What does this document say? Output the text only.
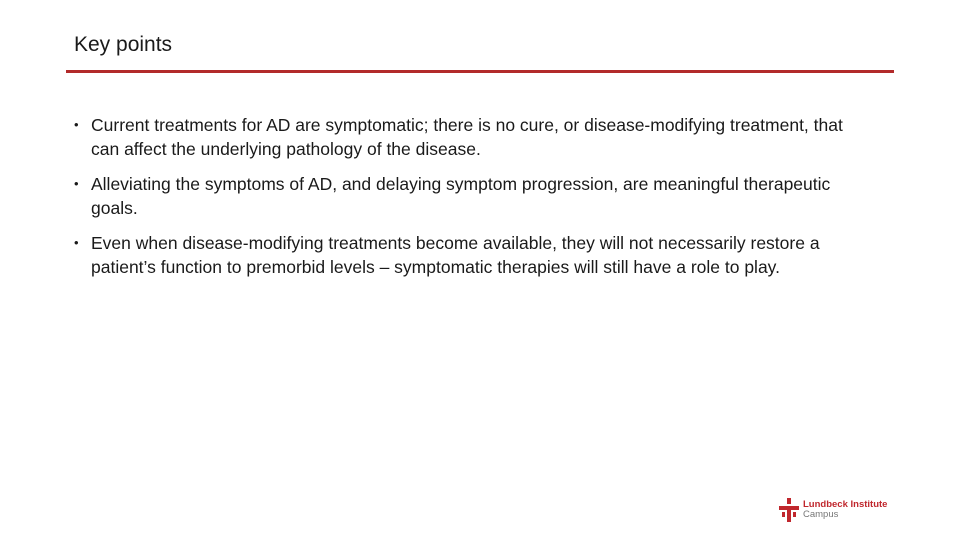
Key points
• Current treatments for AD are symptomatic; there is no cure, or disease-modifying treatment, that can affect the underlying pathology of the disease.
• Alleviating the symptoms of AD, and delaying symptom progression, are meaningful therapeutic goals.
• Even when disease-modifying treatments become available, they will not necessarily restore a patient’s function to premorbid levels – symptomatic therapies will still have a role to play.
Lundbeck Institute
Campus
